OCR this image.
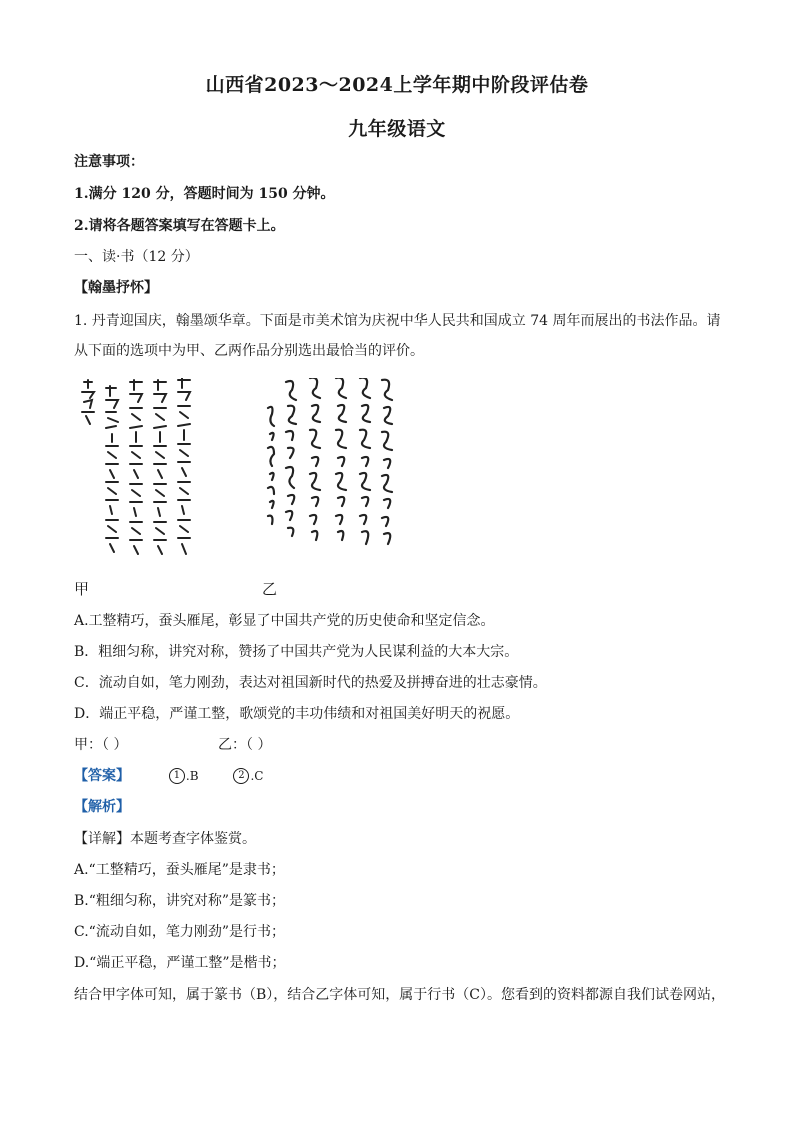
山西省2023～2024上学年期中阶段评估卷
九年级语文
注意事项：
1.满分 120 分，答题时间为 150 分钟。
2.请将各题答案填写在答题卡上。
一、读·书（12 分）
【翰墨抒怀】
1. 丹青迎国庆，翰墨颂华章。下面是市美术馆为庆祝中华人民共和国成立 74 周年而展出的书法作品。请
从下面的选项中为甲、乙两作品分别选出最恰当的评价。
甲	乙
A.工整精巧，蚕头雁尾，彰显了中国共产党的历史使命和坚定信念。
B．粗细匀称，讲究对称，赞扬了中国共产党为人民谋利益的大本大宗。
C．流动自如，笔力刚劲，表达对祖国新时代的热爱及拼搏奋进的壮志豪情。
D．端正平稳，严谨工整，歌颂党的丰功伟绩和对祖国美好明天的祝愿。
甲：（ ）	乙：（ ）
【答案】	1 .B	2 .C
【解析】
【详解】本题考查字体鉴赏。
A.“工整精巧，蚕头雁尾”是隶书；
B.“粗细匀称，讲究对称”是篆书；
C.“流动自如，笔力刚劲”是行书；
D.“端正平稳，严谨工整”是楷书；
结合甲字体可知，属于篆书（B），结合乙字体可知，属于行书（C）。您看到的资料都源自我们试卷网站，
